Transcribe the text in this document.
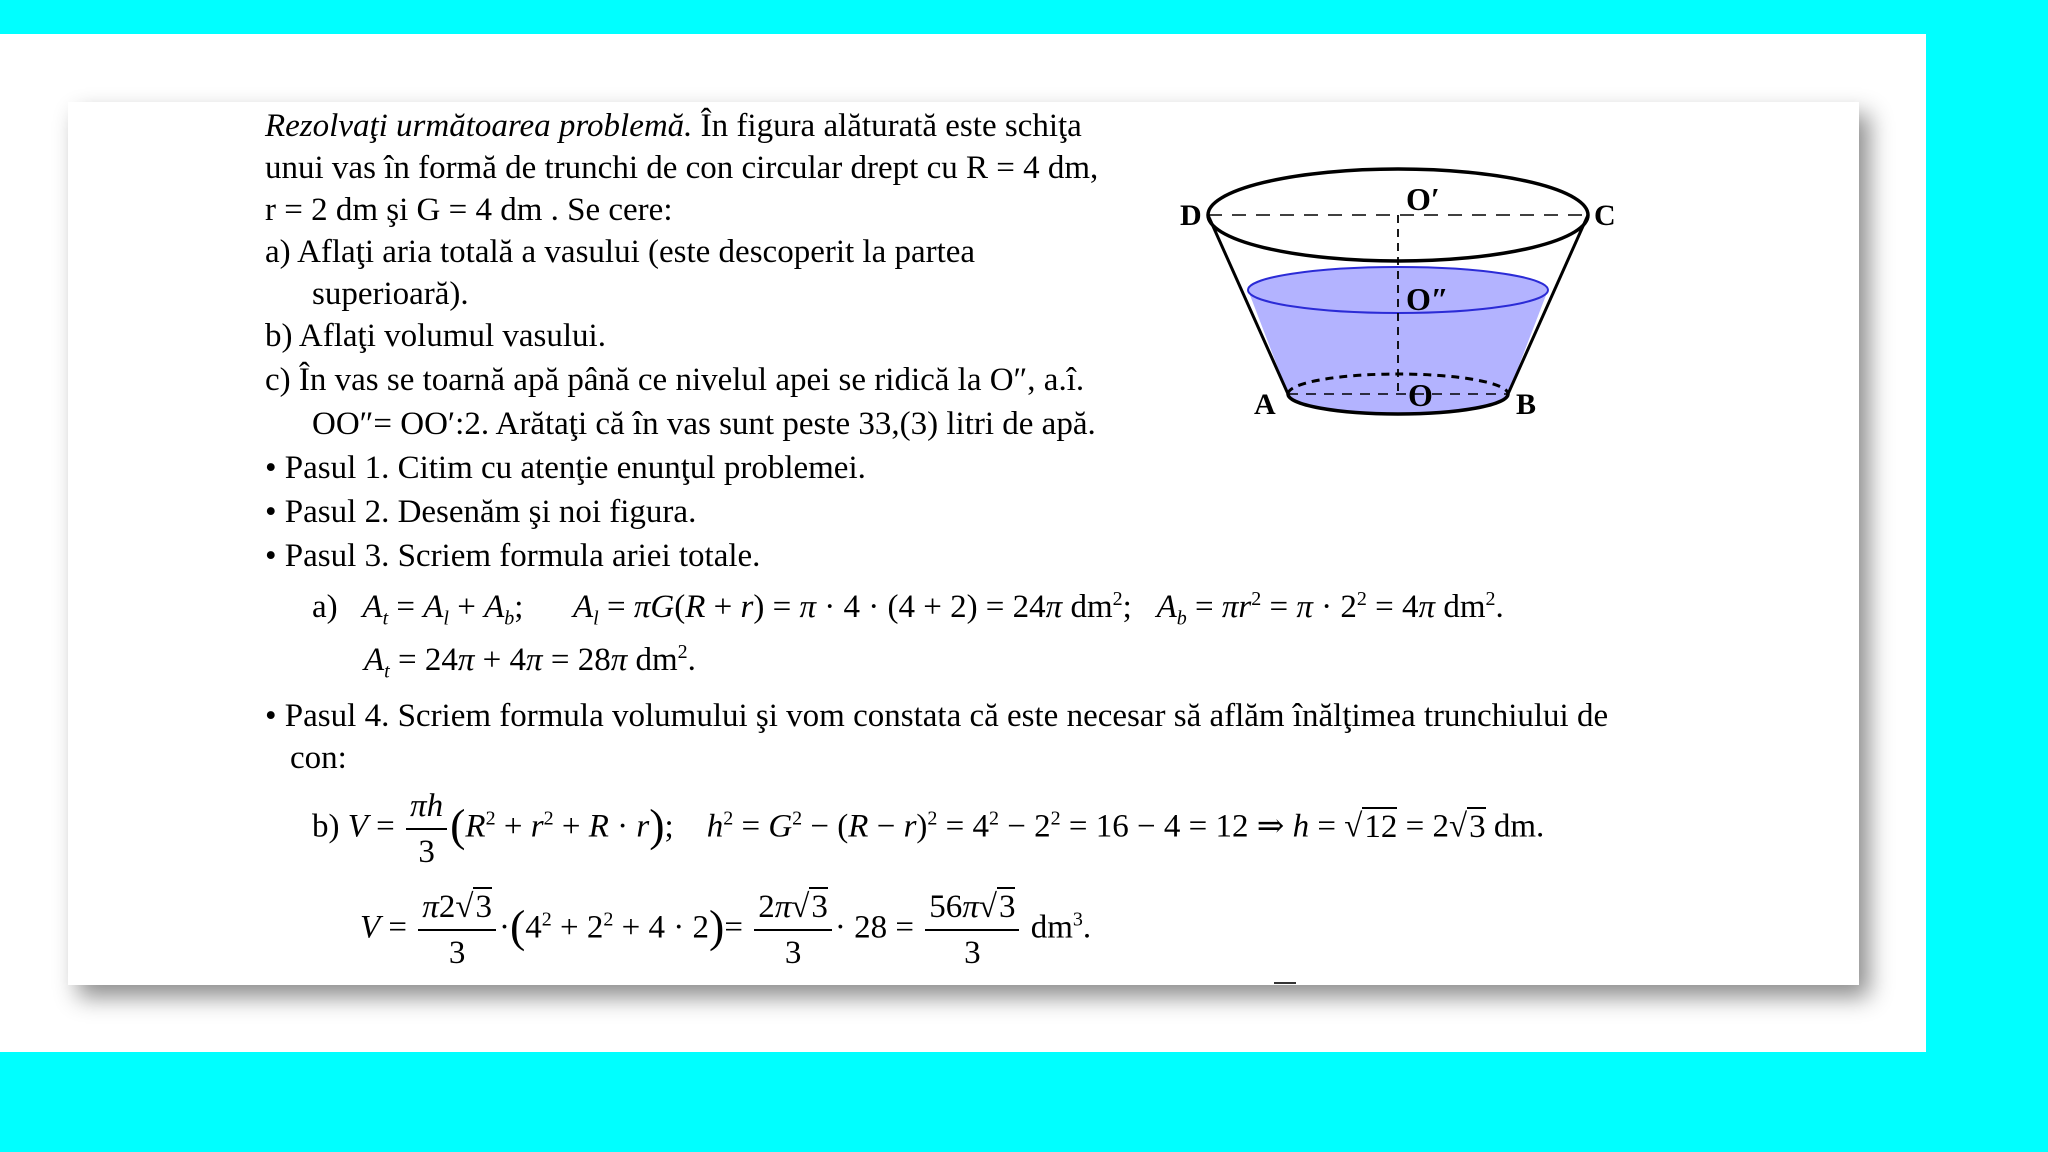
Rezolvaţi următoarea problemă. În figura alăturată este schiţa
unui vas în formă de trunchi de con circular drept cu R = 4 dm,
r = 2 dm şi G = 4 dm . Se cere:
a) Aflaţi aria totală a vasului (este descoperit la partea
superioară).
b) Aflaţi volumul vasului.
c) În vas se toarnă apă până ce nivelul apei se ridică la O″, a.î.
OO″= OO′:2. Arătaţi că în vas sunt peste 33,(3) litri de apă.
• Pasul 1. Citim cu atenţie enunţul problemei.
• Pasul 2. Desenăm şi noi figura.
• Pasul 3. Scriem formula ariei totale.
a)   $A_t = A_l + A_b$;      $A_l = \pi G(R + r) = \pi \cdot 4 \cdot (4 + 2) = 24\pi$ $dm^2$;   $A_b = \pi r^2 = \pi \cdot 2^2 = 4\pi$ $dm^2$.
$A_t = 24\pi + 4\pi = 28\pi$ $dm^2$.
• Pasul 4. Scriem formula volumului şi vom constata că este necesar să aflăm înălţimea trunchiului de
con:
b) $V = \frac{\pi h}{3} (R^2 + r^2 + R \cdot r)$;    $h^2 = G^2 - (R - r)^2 = 4^2 - 2^2 = 16 - 4 = 12$ ⇒ h = √12 = 2√3 dm.
$V = \frac{\pi 2√3}{3} \cdot(4^2 + 2^2 + 4 \cdot 2)= \frac{2\pi√3}{3} \cdot 28 = \frac{56\pi√3}{3} dm^3$.
D	C
A	B
O′
O″
O
